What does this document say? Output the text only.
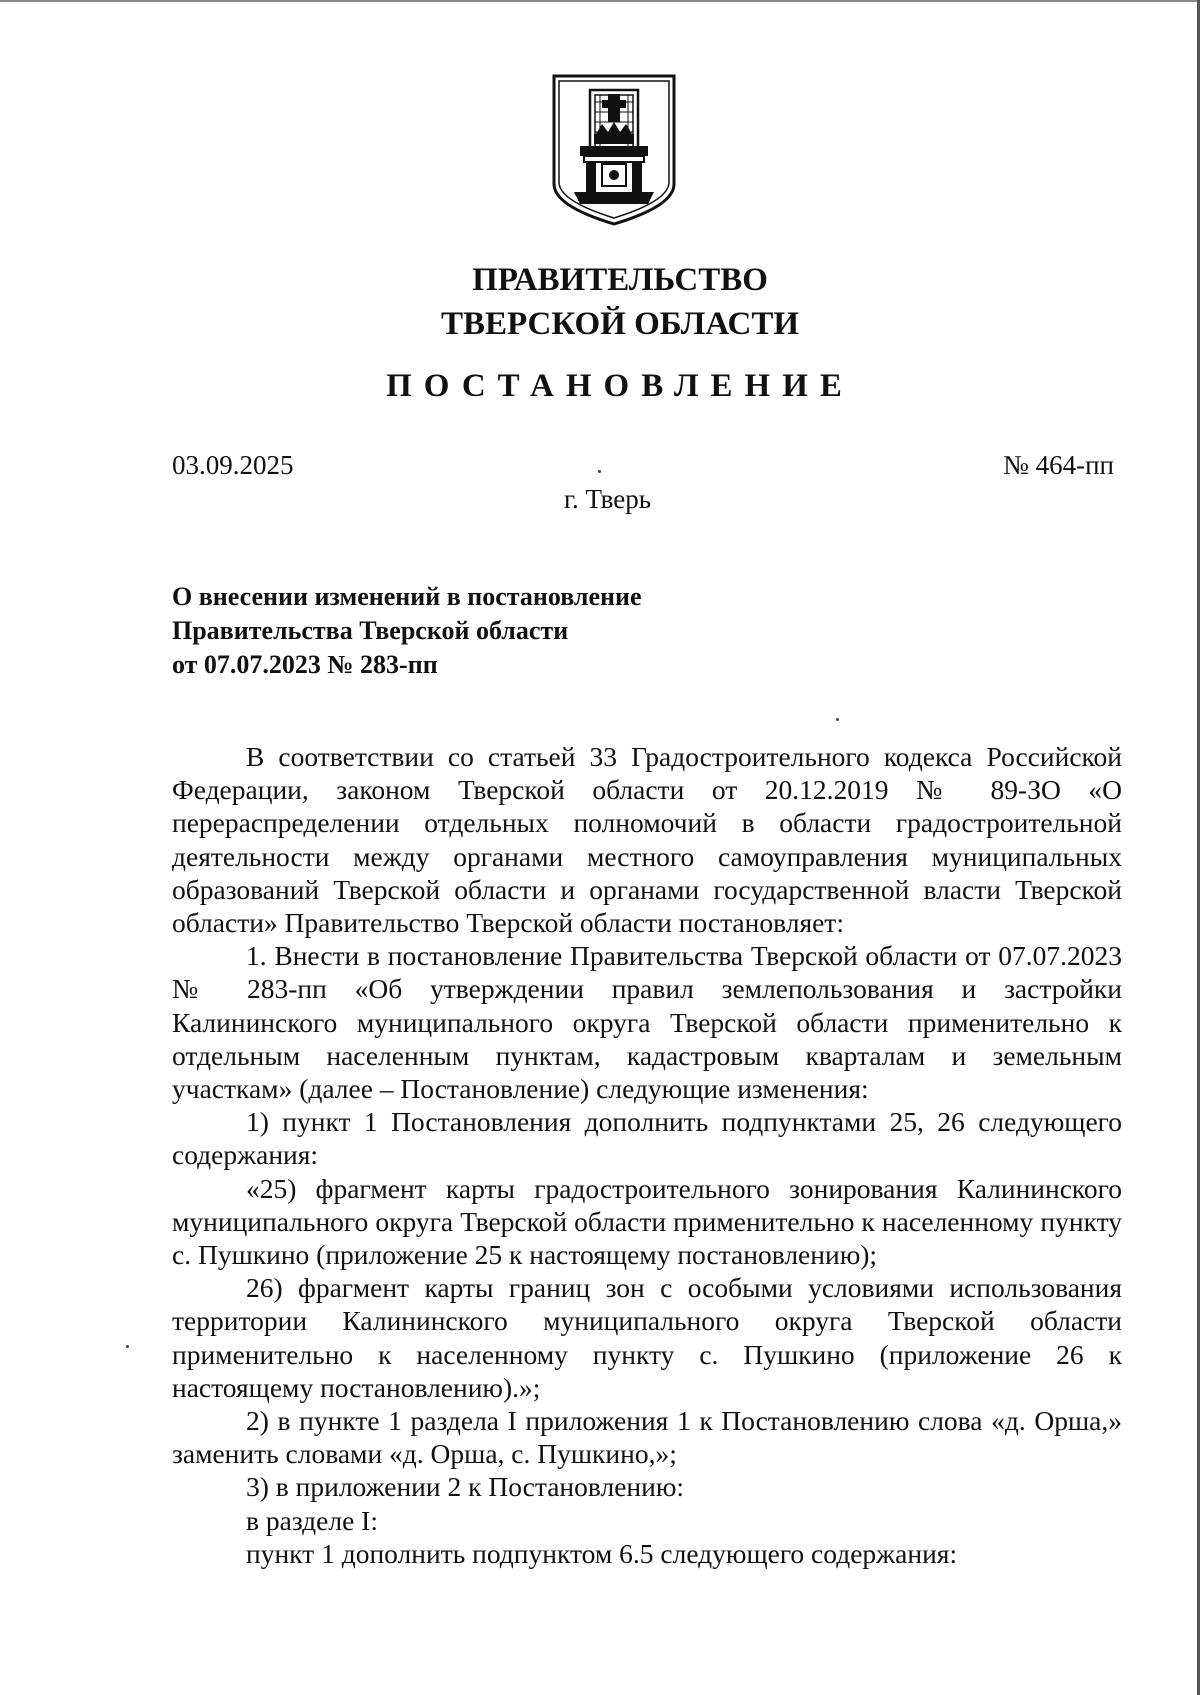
ПРАВИТЕЛЬСТВО
ТВЕРСКОЙ ОБЛАСТИ
ПОСТАНОВЛЕНИЕ
03.09.2025	№ 464-пп
г. Тверь
О внесении изменений в постановление
Правительства Тверской области
от 07.07.2023 № 283-пп

В соответствии со статьей 33 Градостроительного кодекса Российской Федерации, законом Тверской области от 20.12.2019 № 89-ЗО «О перераспределении отдельных полномочий в области градостроительной деятельности между органами местного самоуправления муниципальных образований Тверской области и органами государственной власти Тверской области» Правительство Тверской области постановляет:

1. Внести в постановление Правительства Тверской области от 07.07.2023 № 283-пп «Об утверждении правил землепользования и застройки Калининского муниципального округа Тверской области применительно к отдельным населенным пунктам, кадастровым кварталам и земельным участкам» (далее – Постановление) следующие изменения:

1) пункт 1 Постановления дополнить подпунктами 25, 26 следующего содержания:

«25) фрагмент карты градостроительного зонирования Калининского муниципального округа Тверской области применительно к населенному пункту с. Пушкино (приложение 25 к настоящему постановлению);

26) фрагмент карты границ зон с особыми условиями использования территории Калининского муниципального округа Тверской области применительно к населенному пункту с. Пушкино (приложение 26 к настоящему постановлению).»;

2) в пункте 1 раздела I приложения 1 к Постановлению слова «д. Орша,» заменить словами «д. Орша, с. Пушкино,»;

3) в приложении 2 к Постановлению:

в разделе I:

пункт 1 дополнить подпунктом 6.5 следующего содержания:
